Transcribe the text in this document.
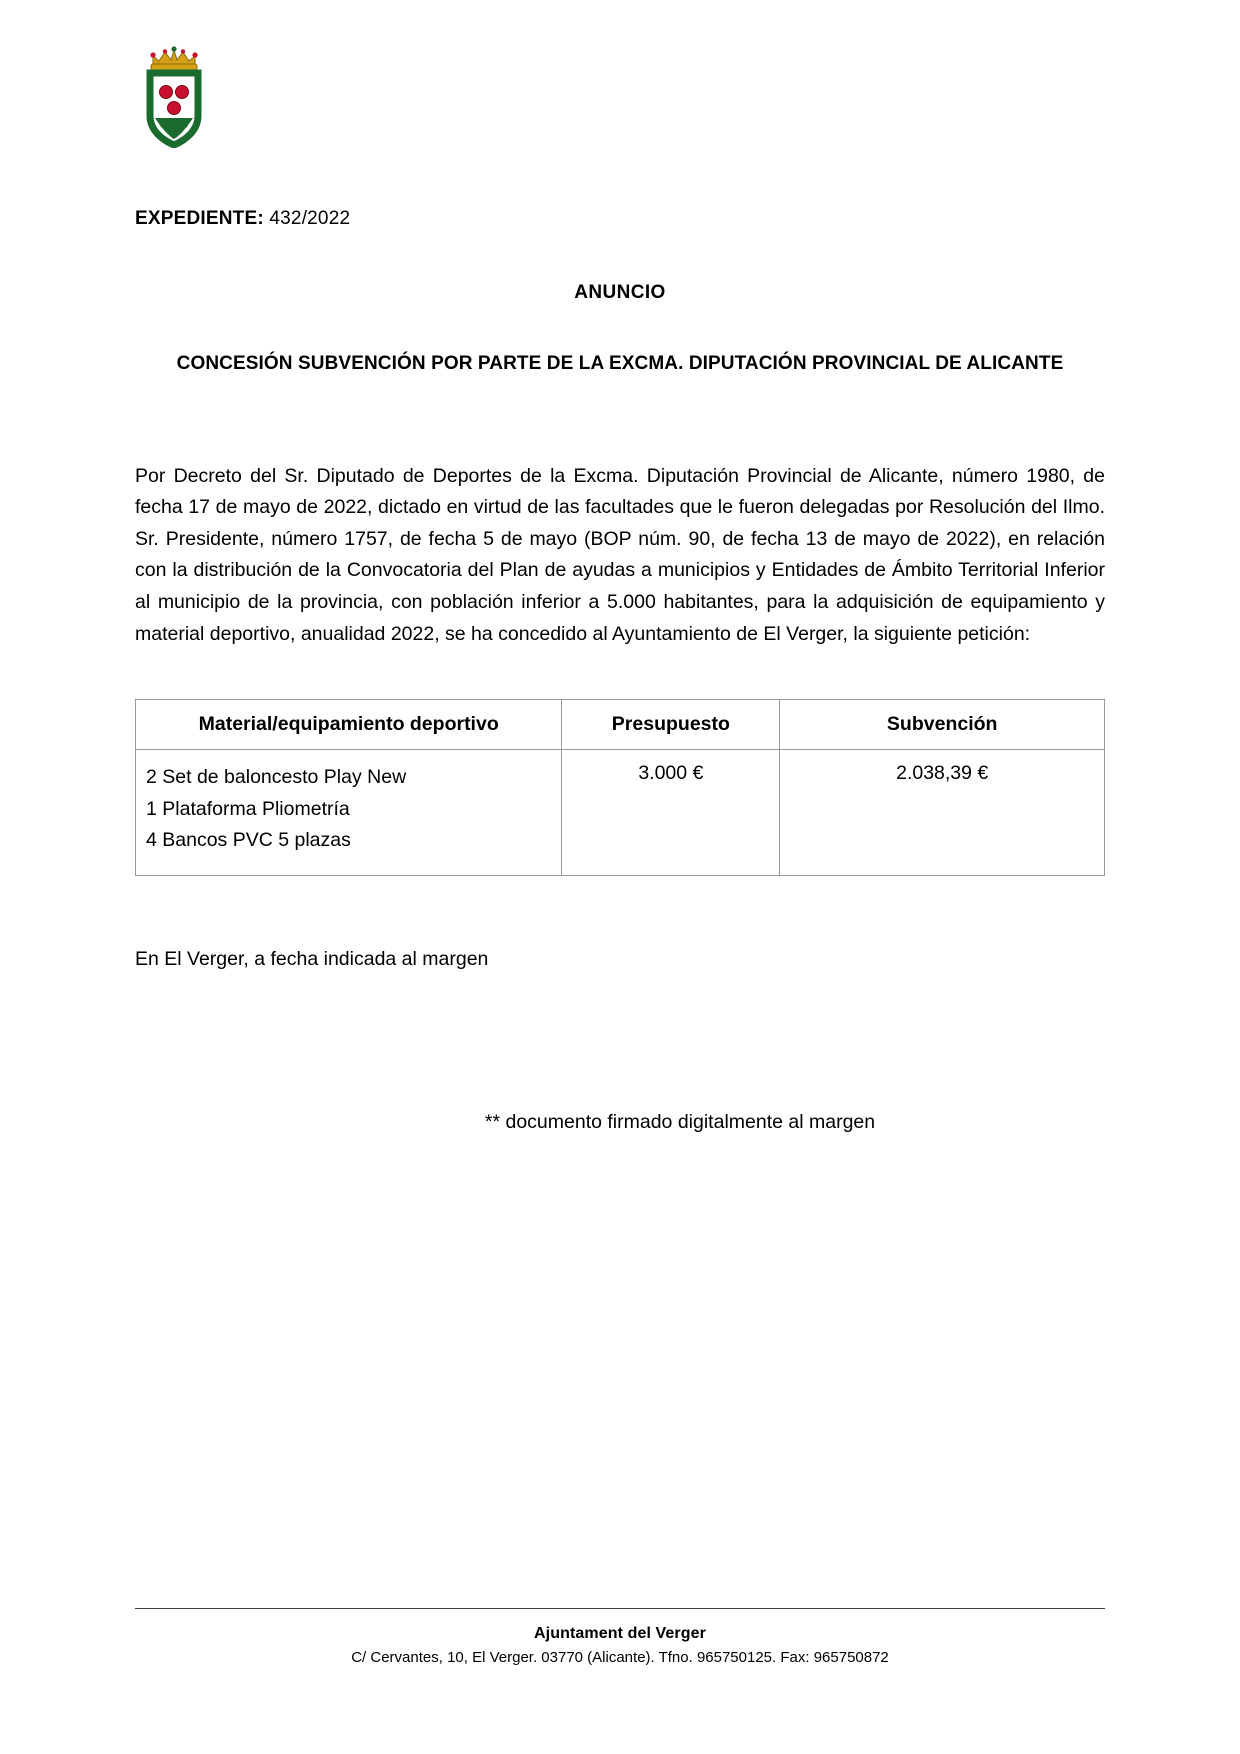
EXPEDIENTE: 432/2022
ANUNCIO
CONCESIÓN SUBVENCIÓN POR PARTE DE LA EXCMA. DIPUTACIÓN PROVINCIAL DE ALICANTE

Por Decreto del Sr. Diputado de Deportes de la Excma. Diputación Provincial de Alicante, número 1980, de fecha 17 de mayo de 2022, dictado en virtud de las facultades que le fueron delegadas por Resolución del Ilmo. Sr. Presidente, número 1757, de fecha 5 de mayo (BOP núm. 90, de fecha 13 de mayo de 2022), en relación con la distribución de la Convocatoria del Plan de ayudas a municipios y Entidades de Ámbito Territorial Inferior al municipio de la provincia, con población inferior a 5.000 habitantes, para la adquisición de equipamiento y material deportivo, anualidad 2022, se ha concedido al Ayuntamiento de El Verger, la siguiente petición:

Material/equipamiento deportivo	Presupuesto	Subvención

2 Set de baloncesto Play New
1 Plataforma Pliometría
4 Bancos PVC 5 plazas	3.000 €	2.038,39 €
En El Verger, a fecha indicada al margen
** documento firmado digitalmente al margen
Ajuntament del Verger
C/ Cervantes, 10, El Verger. 03770 (Alicante). Tfno. 965750125. Fax: 965750872
